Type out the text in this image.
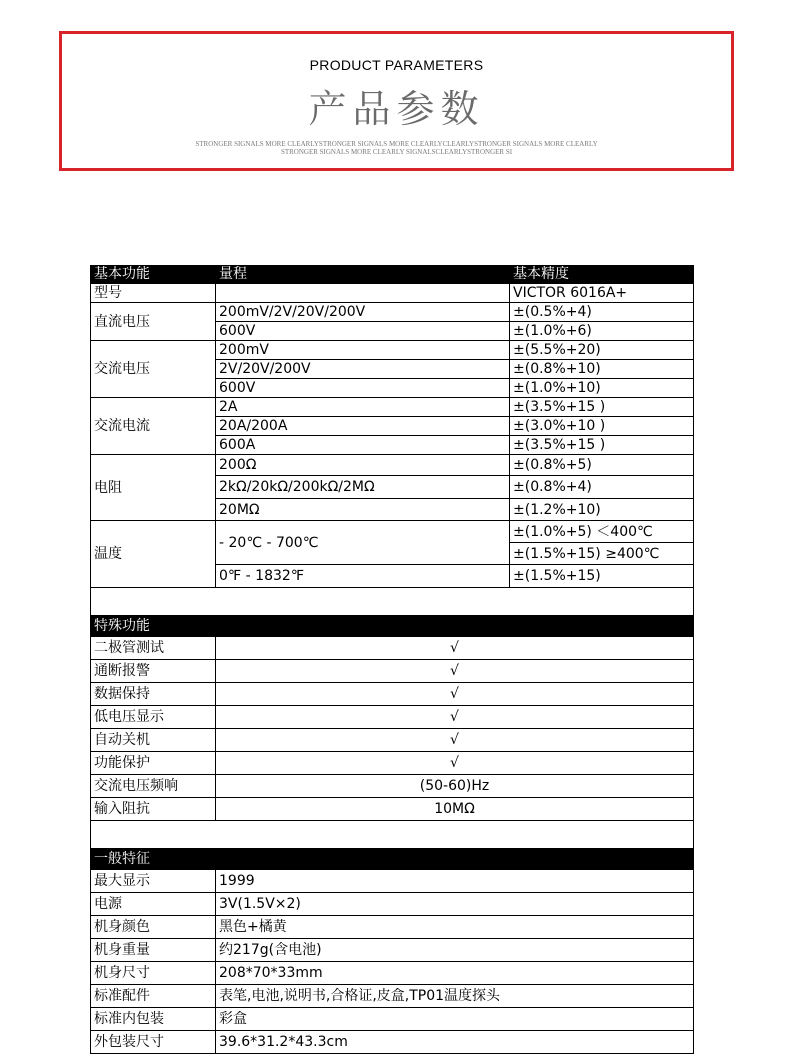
PRODUCT PARAMETERS
产品参数
STRONGER SIGNALS MORE CLEARLYSTRONGER SIGNALS MORE CLEARLYCLEARLYSTRONGER SIGNALS MORE CLEARLY
STRONGER SIGNALS MORE CLEARLY SIGNALSCLEARLYSTRONGER SI
基本功能	量程	基本精度
型号		VICTOR 6016A+
直流电压	200mV/2V/20V/200V	±(0.5%+4)
	600V	±(1.0%+6)
交流电压	200mV	±(5.5%+20)
	2V/20V/200V	±(0.8%+10)
	600V	±(1.0%+10)
交流电流	2A	±(3.5%+15 )
	20A/200A	±(3.0%+10 )
	600A	±(3.5%+15 )
电阻	200Ω	±(0.8%+5)
	2kΩ/20kΩ/200kΩ/2MΩ	±(0.8%+4)
	20MΩ	±(1.2%+10)
温度	- 20℃ - 700℃	±(1.0%+5) ＜400℃
		±(1.5%+15) ≥400℃
	0℉ - 1832℉	±(1.5%+15)

特殊功能		
二极管测试	√	
通断报警	√	
数据保持	√	
低电压显示	√	
自动关机	√	
功能保护	√	
交流电压频响	(50-60)Hz	
输入阻抗	10MΩ	

一般特征		
最大显示	1999	
电源	3V(1.5V×2)	
机身颜色	黑色+橘黄	
机身重量	约217g(含电池)	
机身尺寸	208*70*33mm	
标准配件	表笔,电池,说明书,合格证,皮盒,TP01温度探头	
标准内包装	彩盒	
外包装尺寸	39.6*31.2*43.3cm	
